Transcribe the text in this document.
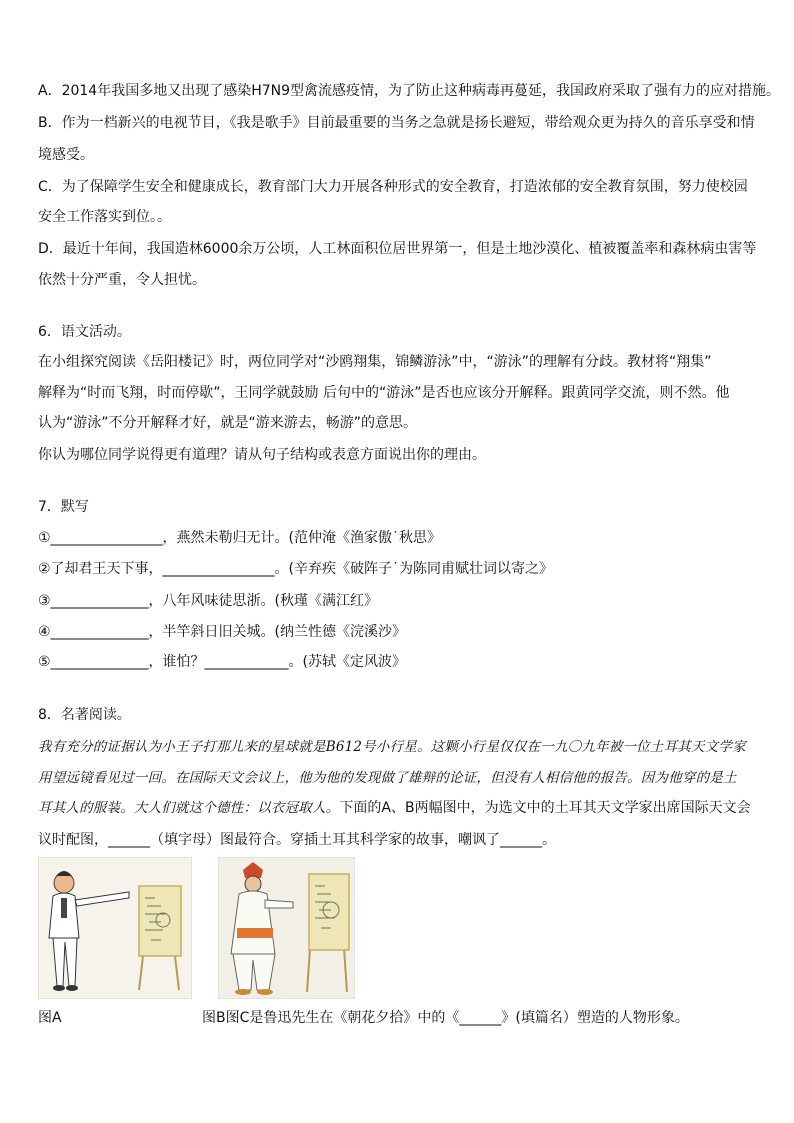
A．2014年我国多地又出现了感染H7N9型禽流感疫情，为了防止这种病毒再蔓延，我国政府采取了强有力的应对措施。
B．作为一档新兴的电视节目，《我是歌手》目前最重要的当务之急就是扬长避短，带给观众更为持久的音乐享受和情
境感受。
C．为了保障学生安全和健康成长，教育部门大力开展各种形式的安全教育，打造浓郁的安全教育氛围，努力使校园
安全工作落实到位。。
D．最近十年间，我国造林6000余万公顷，人工林面积位居世界第一，但是土地沙漠化、植被覆盖率和森林病虫害等
依然十分严重，令人担忧。
6．语文活动。
在小组探究阅读《岳阳楼记》时，两位同学对“沙鸥翔集，锦鳞游泳”中，“游泳”的理解有分歧。教材将“翔集”
解释为“时而飞翔，时而停歇”，王同学就鼓励 后句中的“游泳”是否也应该分开解释。跟黄同学交流，则不然。他
认为“游泳”不分开解释才好，就是“游来游去，畅游”的意思。
你认为哪位同学说得更有道理？请从句子结构或表意方面说出你的理由。
7．默写
①________________，燕然未勒归无计。(范仲淹《渔家傲˙秋思》
②了却君王天下事，________________。(辛弃疾《破阵子˙为陈同甫赋壮词以寄之》
③______________，八年风味徒思浙。(秋瑾《满江红》
④______________，半竿斜日旧关城。(纳兰性德《浣溪沙》
⑤______________，谁怕？____________。(苏轼《定风波》
8．名著阅读。
我有充分的证据认为小王子打那儿来的星球就是B612号小行星。这颗小行星仅仅在一九〇九年被一位土耳其天文学家
用望远镜看见过一回。在国际天文会议上，他为他的发现做了雄辩的论证，但没有人相信他的报告。因为他穿的是土
耳其人的服装。大人们就这个德性：以衣冠取人。下面的A、B两幅图中，为选文中的土耳其天文学家出席国际天文会
议时配图，______（填字母）图最符合。穿插土耳其科学家的故事，嘲讽了______。
图A	图B图C是鲁迅先生在《朝花夕拾》中的《______》(填篇名）塑造的人物形象。
